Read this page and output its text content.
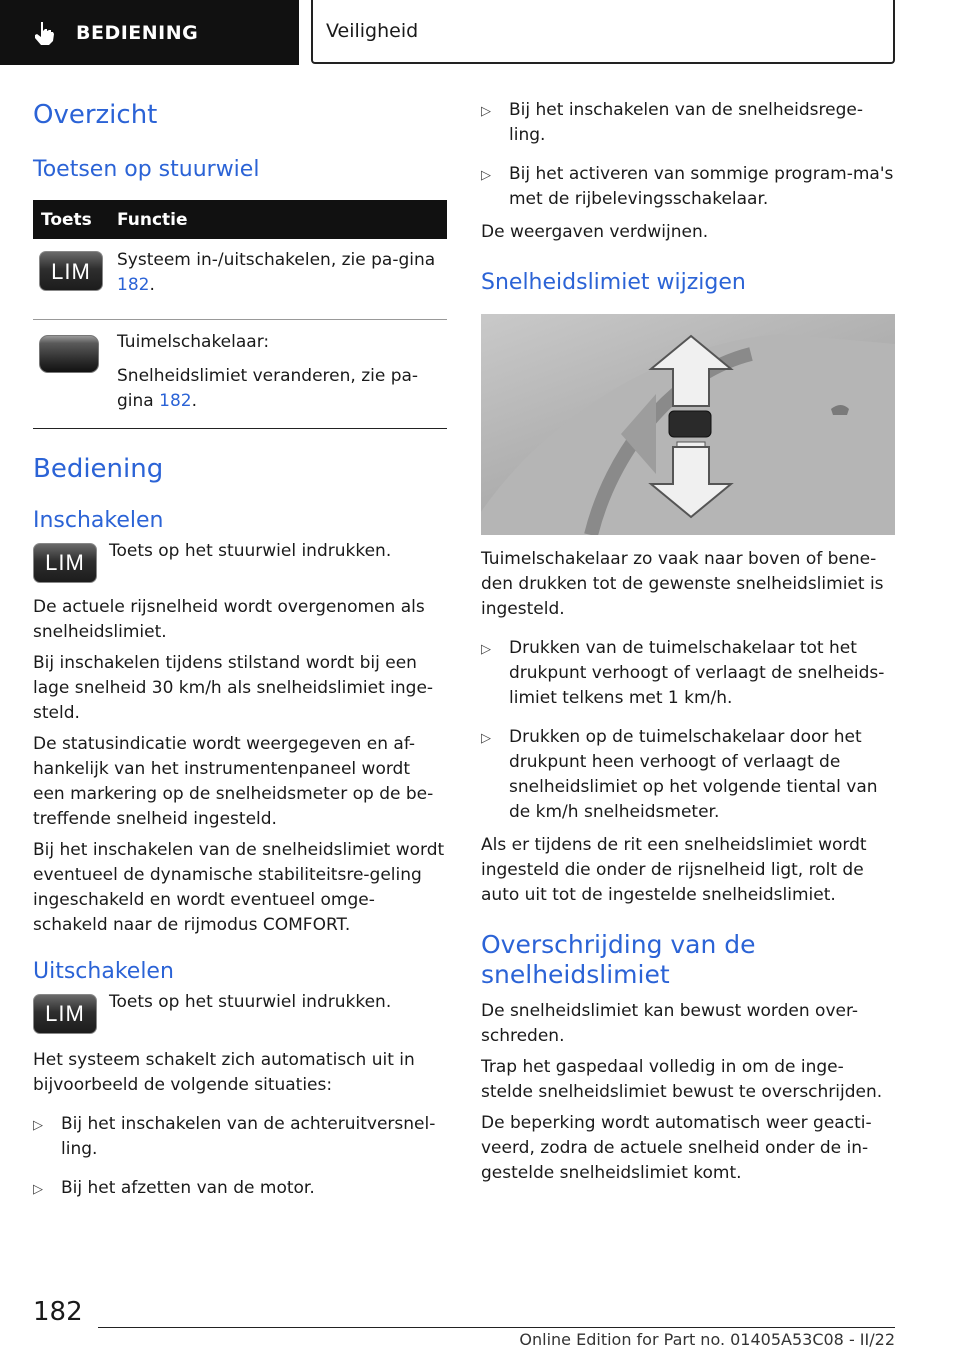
BEDIENING	Veiligheid
Overzicht
Toetsen op stuurwiel
Toets	Functie

LIM	Systeem in-/uitschakelen, zie pa-gina 182.

	Tuimelschakelaar:
Snelheidslimiet veranderen, zie pa-gina 182.
Bediening
Inschakelen
LIM	Toets op het stuurwiel indrukken.

De actuele rijsnelheid wordt overgenomen als snelheidslimiet.

Bij inschakelen tijdens stilstand wordt bij een lage snelheid 30 km/h als snelheidslimiet inge-steld.

De statusindicatie wordt weergegeven en af-hankelijk van het instrumentenpaneel wordt een markering op de snelheidsmeter op de be-treffende snelheid ingesteld.

Bij het inschakelen van de snelheidslimiet wordt eventueel de dynamische stabiliteitsre-geling ingeschakeld en wordt eventueel omge-schakeld naar de rijmodus COMFORT.

Uitschakelen
LIM	Toets op het stuurwiel indrukken.

Het systeem schakelt zich automatisch uit in bijvoorbeeld de volgende situaties:

▷	Bij het inschakelen van de achteruitversnel-ling.
▷	Bij het afzetten van de motor.
▷	Bij het inschakelen van de snelheidsrege-ling.
▷	Bij het activeren van sommige program-ma's met de rijbelevingsschakelaar.

De weergaven verdwijnen.

Snelheidslimiet wijzigen

Tuimelschakelaar zo vaak naar boven of bene-den drukken tot de gewenste snelheidslimiet is ingesteld.

▷	Drukken van de tuimelschakelaar tot het drukpunt verhoogt of verlaagt de snelheids-limiet telkens met 1 km/h.
▷	Drukken op de tuimelschakelaar door het drukpunt heen verhoogt of verlaagt de snelheidslimiet op het volgende tiental van de km/h snelheidsmeter.

Als er tijdens de rit een snelheidslimiet wordt ingesteld die onder de rijsnelheid ligt, rolt de auto uit tot de ingestelde snelheidslimiet.

Overschrijding van de
snelheidslimiet

De snelheidslimiet kan bewust worden over-schreden.

Trap het gaspedaal volledig in om de inge-stelde snelheidslimiet bewust te overschrijden.

De beperking wordt automatisch weer geacti-veerd, zodra de actuele snelheid onder de in-gestelde snelheidslimiet komt.

182
Online Edition for Part no. 01405A53C08 - II/22
